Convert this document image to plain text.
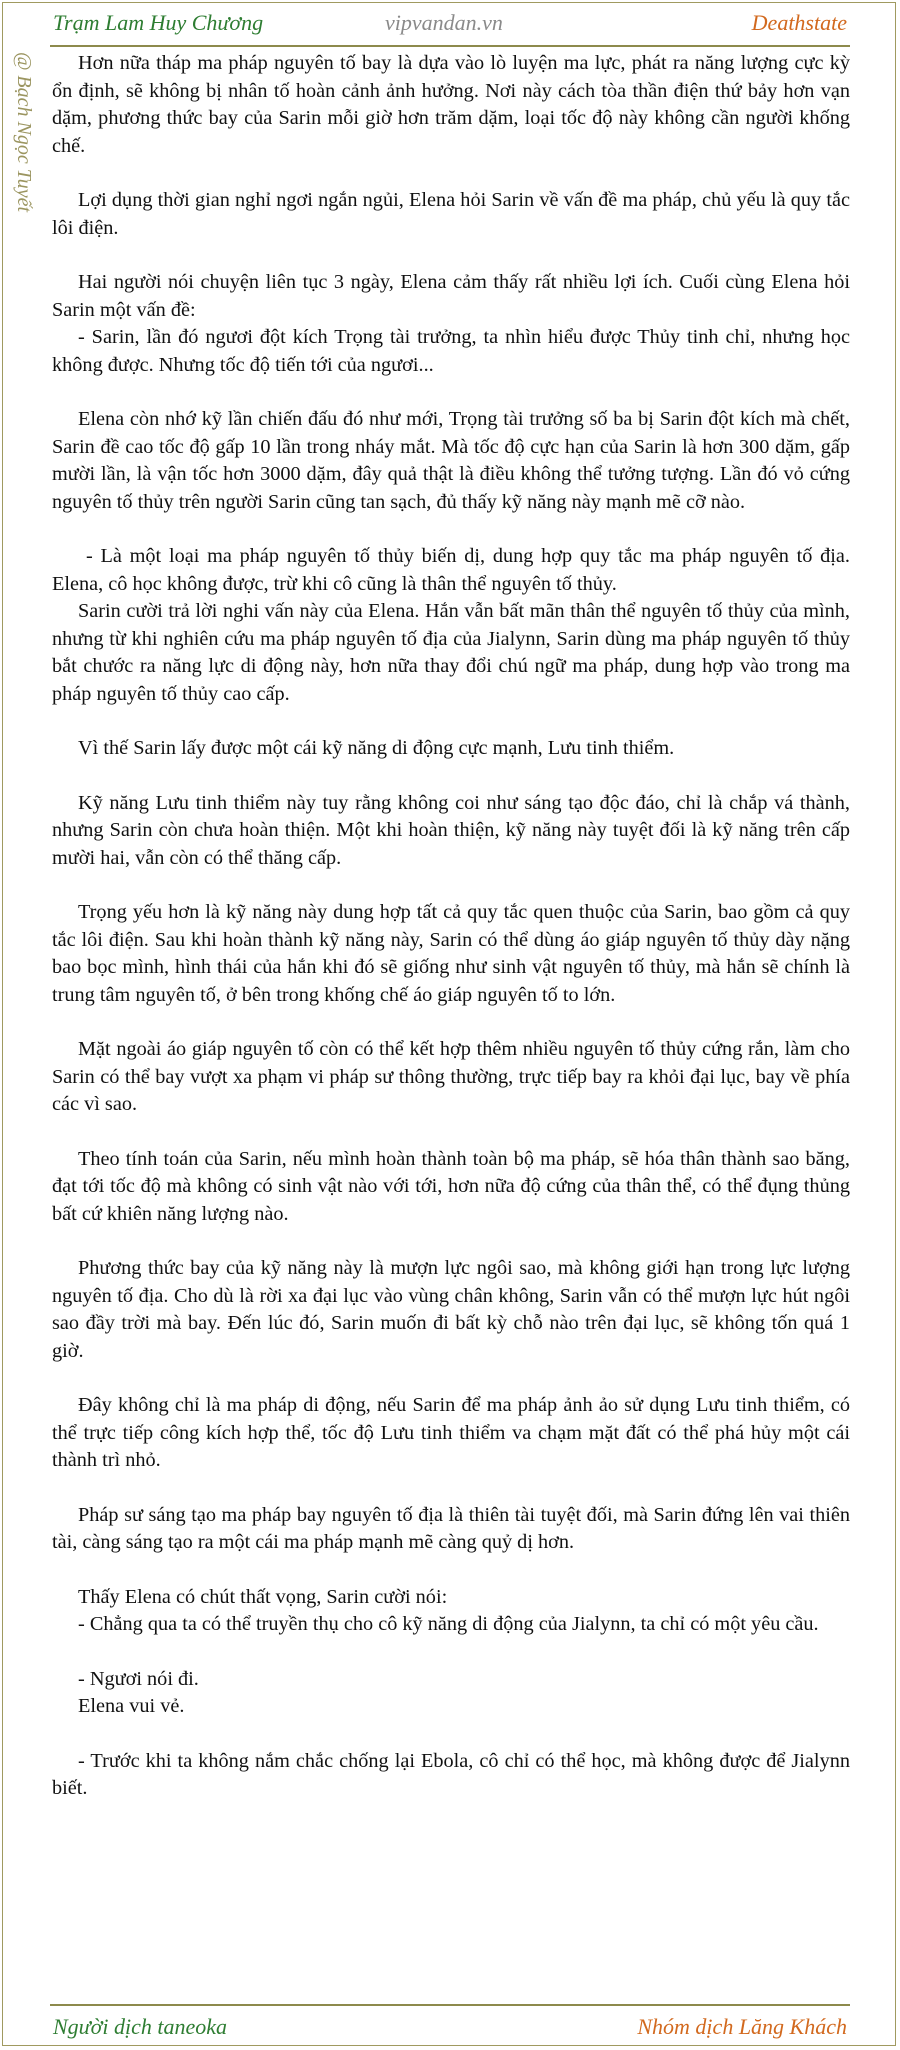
Trạm Lam Huy Chương	vipvandan.vn	Deathstate
@ Bạch Ngọc Tuyết	Hơn nữa tháp ma pháp nguyên tố bay là dựa vào lò luyện ma lực, phát ra năng lượng cực kỳ ổn định, sẽ không bị nhân tố hoàn cảnh ảnh hưởng. Nơi này cách tòa thần điện thứ bảy hơn vạn dặm, phương thức bay của Sarin mỗi giờ hơn trăm dặm, loại tốc độ này không cần người khống chế.

Lợi dụng thời gian nghỉ ngơi ngắn ngủi, Elena hỏi Sarin về vấn đề ma pháp, chủ yếu là quy tắc lôi điện.

Hai người nói chuyện liên tục 3 ngày, Elena cảm thấy rất nhiều lợi ích. Cuối cùng Elena hỏi Sarin một vấn đề:

- Sarin, lần đó ngươi đột kích Trọng tài trưởng, ta nhìn hiểu được Thủy tinh chỉ, nhưng học không được. Nhưng tốc độ tiến tới của ngươi...

Elena còn nhớ kỹ lần chiến đấu đó như mới, Trọng tài trưởng số ba bị Sarin đột kích mà chết, Sarin đề cao tốc độ gấp 10 lần trong nháy mắt. Mà tốc độ cực hạn của Sarin là hơn 300 dặm, gấp mười lần, là vận tốc hơn 3000 dặm, đây quả thật là điều không thể tưởng tượng. Lần đó vỏ cứng nguyên tố thủy trên người Sarin cũng tan sạch, đủ thấy kỹ năng này mạnh mẽ cỡ nào.

- Là một loại ma pháp nguyên tố thủy biến dị, dung hợp quy tắc ma pháp nguyên tố địa. Elena, cô học không được, trừ khi cô cũng là thân thể nguyên tố thủy.

Sarin cười trả lời nghi vấn này của Elena. Hắn vẫn bất mãn thân thể nguyên tố thủy của mình, nhưng từ khi nghiên cứu ma pháp nguyên tố địa của Jialynn, Sarin dùng ma pháp nguyên tố thủy bắt chước ra năng lực di động này, hơn nữa thay đổi chú ngữ ma pháp, dung hợp vào trong ma pháp nguyên tố thủy cao cấp.

Vì thế Sarin lấy được một cái kỹ năng di động cực mạnh, Lưu tinh thiểm.

Kỹ năng Lưu tinh thiểm này tuy rằng không coi như sáng tạo độc đáo, chỉ là chắp vá thành, nhưng Sarin còn chưa hoàn thiện. Một khi hoàn thiện, kỹ năng này tuyệt đối là kỹ năng trên cấp mười hai, vẫn còn có thể thăng cấp.

Trọng yếu hơn là kỹ năng này dung hợp tất cả quy tắc quen thuộc của Sarin, bao gồm cả quy tắc lôi điện. Sau khi hoàn thành kỹ năng này, Sarin có thể dùng áo giáp nguyên tố thủy dày nặng bao bọc mình, hình thái của hắn khi đó sẽ giống như sinh vật nguyên tố thủy, mà hắn sẽ chính là trung tâm nguyên tố, ở bên trong khống chế áo giáp nguyên tố to lớn.

Mặt ngoài áo giáp nguyên tố còn có thể kết hợp thêm nhiều nguyên tố thủy cứng rắn, làm cho Sarin có thể bay vượt xa phạm vi pháp sư thông thường, trực tiếp bay ra khỏi đại lục, bay về phía các vì sao.

Theo tính toán của Sarin, nếu mình hoàn thành toàn bộ ma pháp, sẽ hóa thân thành sao băng, đạt tới tốc độ mà không có sinh vật nào với tới, hơn nữa độ cứng của thân thể, có thể đụng thủng bất cứ khiên năng lượng nào.

Phương thức bay của kỹ năng này là mượn lực ngôi sao, mà không giới hạn trong lực lượng nguyên tố địa. Cho dù là rời xa đại lục vào vùng chân không, Sarin vẫn có thể mượn lực hút ngôi sao đầy trời mà bay. Đến lúc đó, Sarin muốn đi bất kỳ chỗ nào trên đại lục, sẽ không tốn quá 1 giờ.

Đây không chỉ là ma pháp di động, nếu Sarin để ma pháp ảnh ảo sử dụng Lưu tinh thiểm, có thể trực tiếp công kích hợp thể, tốc độ Lưu tinh thiểm va chạm mặt đất có thể phá hủy một cái thành trì nhỏ.

Pháp sư sáng tạo ma pháp bay nguyên tố địa là thiên tài tuyệt đối, mà Sarin đứng lên vai thiên tài, càng sáng tạo ra một cái ma pháp mạnh mẽ càng quỷ dị hơn.

Thấy Elena có chút thất vọng, Sarin cười nói:

- Chẳng qua ta có thể truyền thụ cho cô kỹ năng di động của Jialynn, ta chỉ có một yêu cầu.

- Ngươi nói đi.

Elena vui vẻ.

- Trước khi ta không nắm chắc chống lại Ebola, cô chỉ có thể học, mà không được để Jialynn biết.

Người dịch taneoka	Nhóm dịch Lăng Khách
